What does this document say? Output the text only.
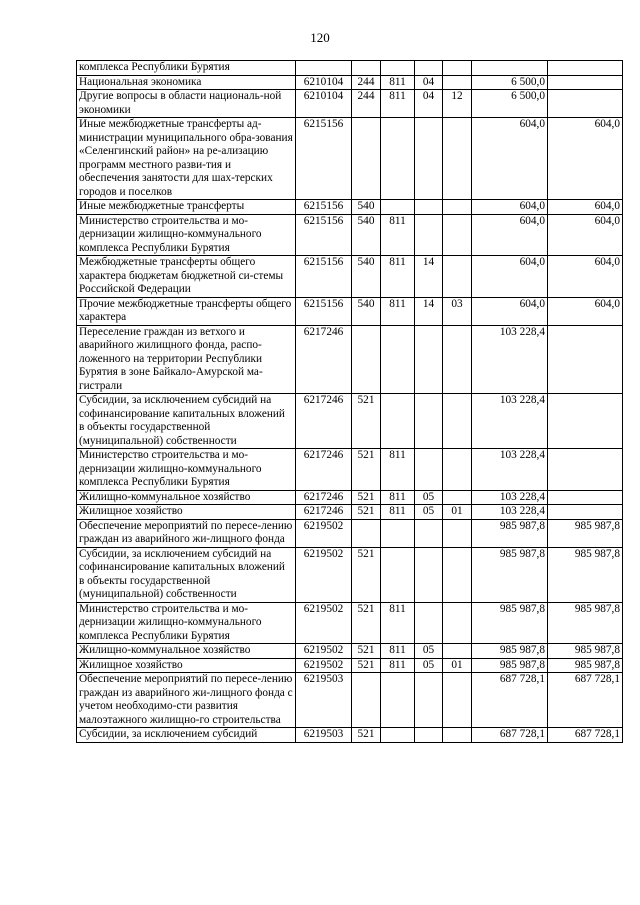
120
комплекса Республики Бурятия							
Национальная экономика	6210104	244	811	04		6 500,0	
Другие вопросы в области националь-ной экономики	6210104	244	811	04	12	6 500,0	
Иные межбюджетные трансферты ад-министрации муниципального обра-зования «Селенгинский район» на ре-ализацию программ местного разви-тия и обеспечения занятости для шах-терских городов и поселков	6215156					604,0	604,0
Иные межбюджетные трансферты	6215156	540				604,0	604,0
Министерство строительства и мо-дернизации жилищно-коммунального комплекса Республики Бурятия	6215156	540	811			604,0	604,0
Межбюджетные трансферты общего характера бюджетам бюджетной си-стемы Российской Федерации	6215156	540	811	14		604,0	604,0
Прочие межбюджетные трансферты общего характера	6215156	540	811	14	03	604,0	604,0
Переселение граждан из ветхого и аварийного жилищного фонда, распо-ложенного на территории Республики Бурятия в зоне Байкало-Амурской ма-гистрали	6217246					103 228,4	
Субсидии, за исключением субсидий на софинансирование капитальных вложений в объекты государственной (муниципальной) собственности	6217246	521				103 228,4	
Министерство строительства и мо-дернизации жилищно-коммунального комплекса Республики Бурятия	6217246	521	811			103 228,4	
Жилищно-коммунальное хозяйство	6217246	521	811	05		103 228,4	
Жилищное хозяйство	6217246	521	811	05	01	103 228,4	
Обеспечение мероприятий по пересе-лению граждан из аварийного жи-лищного фонда	6219502					985 987,8	985 987,8
Субсидии, за исключением субсидий на софинансирование капитальных вложений в объекты государственной (муниципальной) собственности	6219502	521				985 987,8	985 987,8
Министерство строительства и мо-дернизации жилищно-коммунального комплекса Республики Бурятия	6219502	521	811			985 987,8	985 987,8
Жилищно-коммунальное хозяйство	6219502	521	811	05		985 987,8	985 987,8
Жилищное хозяйство	6219502	521	811	05	01	985 987,8	985 987,8
Обеспечение мероприятий по пересе-лению граждан из аварийного жи-лищного фонда с учетом необходимо-сти развития малоэтажного жилищно-го строительства	6219503					687 728,1	687 728,1
Субсидии, за исключением субсидий	6219503	521				687 728,1	687 728,1
